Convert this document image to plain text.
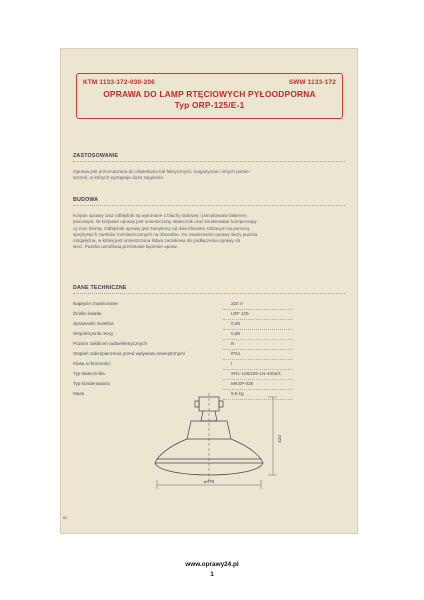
KTM 1133-172-030-206	SWW 1133-172
OPRAWA DO LAMP RTĘCIOWYCH PYŁOODPORNA
Typ ORP-125/E-1
ZASTOSOWANIE
Oprawa jest przeznaczona do oświetlania hal fabrycznych, magazynów i innych pomie-
szczeń, w których występuje duże zapylenie.
BUDOWA
Korpus oprawy oraz odbłyśnik są wykonane z blachy stalowej i pomalowane lakierem
piecowym. W korpusie oprawy jest umieszczony statecznik oraz kondensator kompensują-
cy moc bierną. Odbłyśnik oprawy jest zamykany od dołu kloszem szklanym za pomocą
sprężystych zamków rozmieszczonych na obwodzie. Do zawieszenia oprawy służy puszka
rozgałęźna, w której jest umieszczona listwa zaciskowa do podłączenia oprawy do
sieci. Puszka umożliwia przelotowe łączenie opraw.
DANE TECHNICZNE
Napięcie znamionowe	220 V
Źródło światła	LRF 125
Sprawność świetlna	0,68
Współczynnik mocy	0,85
Poziom zakłóceń radioelektrycznych	N
Stopień zabezpieczenia przed wpływami zewnętrznymi	IP51
Klasa ochronności	I
Typ statecznika	SR1-125/220-LN-440a/1
Typ kondensatora	MKSP-025
Masa	9,5 kg
420
⌀478
80
www.oprawy24.pl
1
